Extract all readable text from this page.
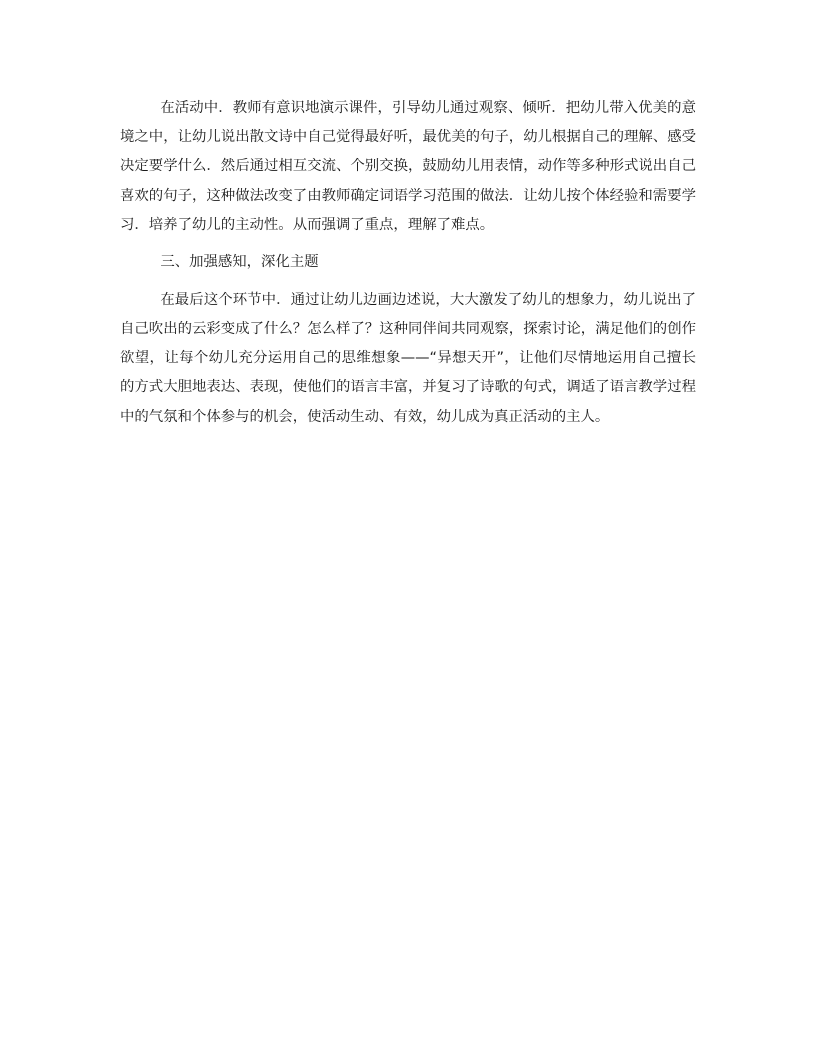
在活动中．教师有意识地演示课件，引导幼儿通过观察、倾听．把幼儿带入优美的意境之中，让幼儿说出散文诗中自己觉得最好听，最优美的句子，幼儿根据自己的理解、感受决定要学什么．然后通过相互交流、个别交换，鼓励幼儿用表情，动作等多种形式说出自己喜欢的句子，这种做法改变了由教师确定词语学习范围的做法．让幼儿按个体经验和需要学习．培养了幼儿的主动性。从而强调了重点，理解了难点。

三、加强感知，深化主题

在最后这个环节中．通过让幼儿边画边述说，大大激发了幼儿的想象力，幼儿说出了自己吹出的云彩变成了什么？怎么样了？这种同伴间共同观察，探索讨论，满足他们的创作欲望，让每个幼儿充分运用自己的思维想象——“异想天开”，让他们尽情地运用自己擅长的方式大胆地表达、表现，使他们的语言丰富，并复习了诗歌的句式，调适了语言教学过程中的气氛和个体参与的机会，使活动生动、有效，幼儿成为真正活动的主人。
